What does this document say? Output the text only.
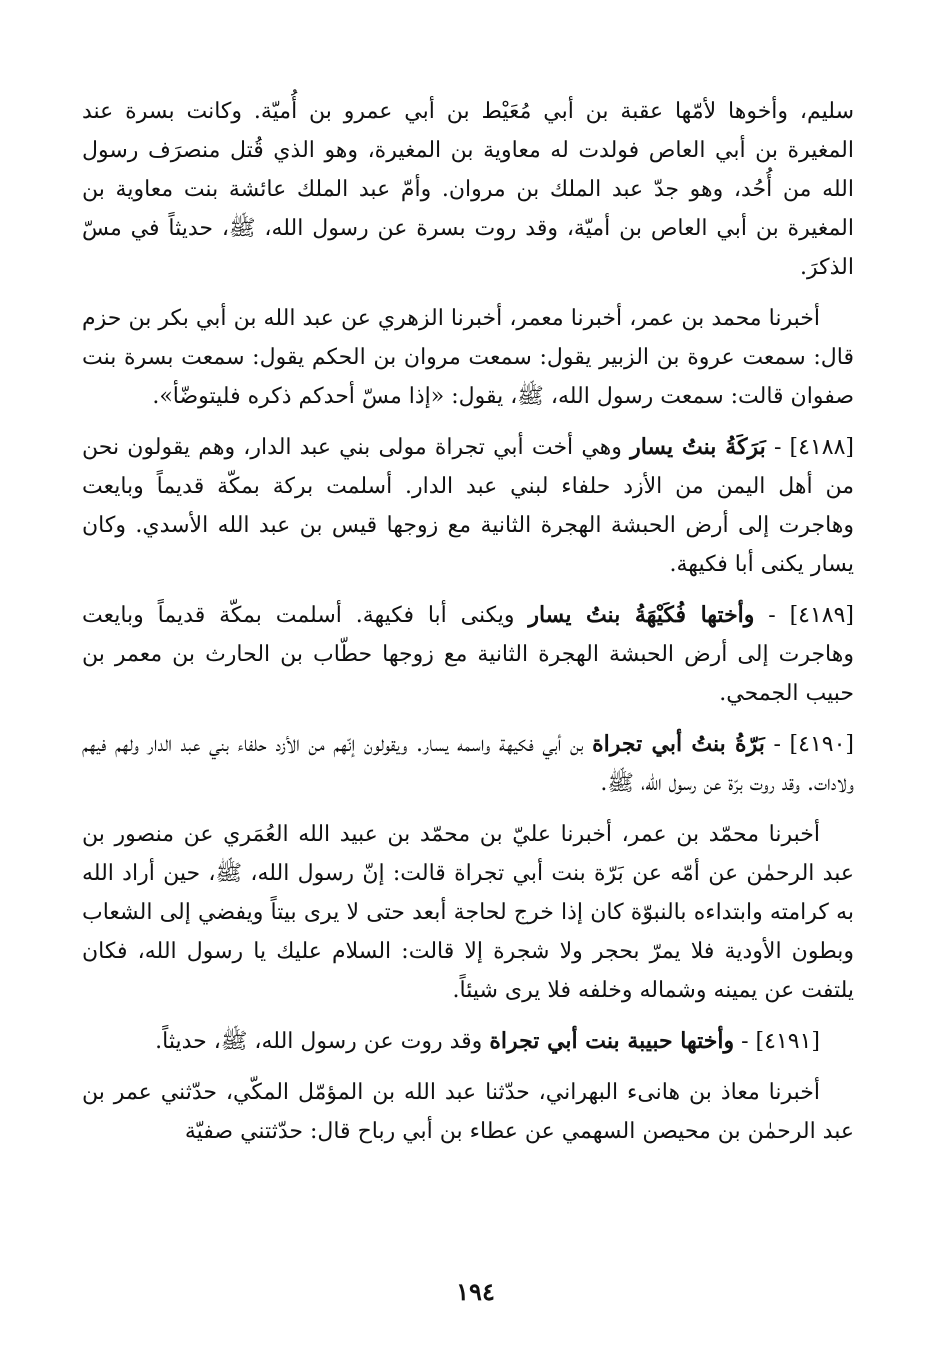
سليم، وأخوها لأمّها عقبة بن أبي مُعَيْط بن أبي عمرو بن أُميّة. وكانت بسرة عند المغيرة بن أبي العاص فولدت له معاوية بن المغيرة، وهو الذي قُتل منصرَف رسول الله من أُحُد، وهو جدّ عبد الملك بن مروان. وأمّ عبد الملك عائشة بنت معاوية بن المغيرة بن أبي العاص بن أميّة، وقد روت بسرة عن رسول الله، ﷺ، حديثاً في مسّ الذكرَ.

أخبرنا محمد بن عمر، أخبرنا معمر، أخبرنا الزهري عن عبد الله بن أبي بكر بن حزم قال: سمعت عروة بن الزبير يقول: سمعت مروان بن الحكم يقول: سمعت بسرة بنت صفوان قالت: سمعت رسول الله، ﷺ، يقول: «إذا مسّ أحدكم ذكره فليتوضّأ».

[٤١٨٨] - بَرَكَةُ بنتُ يسار وهي أخت أبي تجراة مولى بني عبد الدار، وهم يقولون نحن من أهل اليمن من الأزد حلفاء لبني عبد الدار. أسلمت بركة بمكّة قديماً وبايعت وهاجرت إلى أرض الحبشة الهجرة الثانية مع زوجها قيس بن عبد الله الأسدي. وكان يسار يكنى أبا فكيهة.

[٤١٨٩] - وأختها فُكَيْهَةُ بنتُ يسار ويكنى أبا فكيهة. أسلمت بمكّة قديماً وبايعت وهاجرت إلى أرض الحبشة الهجرة الثانية مع زوجها حطّاب بن الحارث بن معمر بن حبيب الجمحي.

[٤١٩٠] - بَرّةُ بنتُ أبي تجراة بن أبي فكيهة واسمه يسار. ويقولون إنّهم من الأزد حلفاء بني عبد الدار ولهم فيهم ولادات. وقد روت برّة عن رسول الله، ﷺ.

أخبرنا محمّد بن عمر، أخبرنا عليّ بن محمّد بن عبيد الله العُمَري عن منصور بن عبد الرحمٰن عن أمّه عن بَرّة بنت أبي تجراة قالت: إنّ رسول الله، ﷺ، حين أراد الله به كرامته وابتداءه بالنبوّة كان إذا خرج لحاجة أبعد حتى لا يرى بيتاً ويفضي إلى الشعاب وبطون الأودية فلا يمرّ بحجر ولا شجرة إلا قالت: السلام عليك يا رسول الله، فكان يلتفت عن يمينه وشماله وخلفه فلا يرى شيئاً.

[٤١٩١] - وأختها حبيبة بنت أبي تجراة وقد روت عن رسول الله، ﷺ، حديثاً.

أخبرنا معاذ بن هانىء البهراني، حدّثنا عبد الله بن المؤمّل المكّي، حدّثني عمر بن عبد الرحمٰن بن محيصن السهمي عن عطاء بن أبي رباح قال: حدّثتني صفيّة

١٩٤
